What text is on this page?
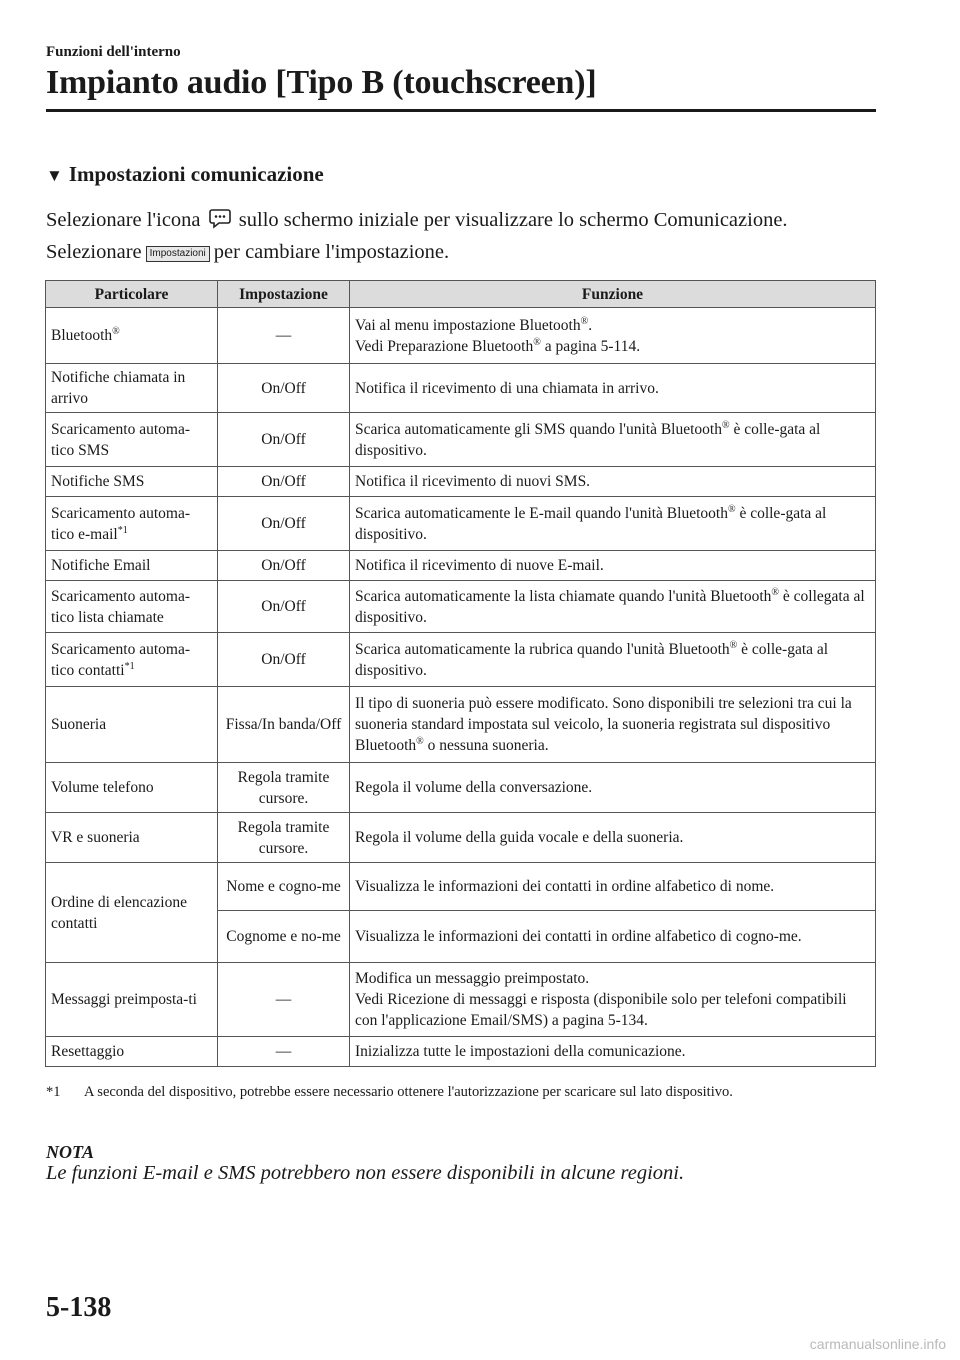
Funzioni dell'interno
Impianto audio [Tipo B (touchscreen)]
▼ Impostazioni comunicazione
Selezionare l'icona sullo schermo iniziale per visualizzare lo schermo Comunicazione.
Selezionare Impostazioni per cambiare l'impostazione.
Particolare	Impostazione	Funzione
Bluetooth®	—	Vai al menu impostazione Bluetooth®.
Vedi Preparazione Bluetooth® a pagina 5-114.
Notifiche chiamata in arrivo	On/Off	Notifica il ricevimento di una chiamata in arrivo.
Scaricamento automa-tico SMS	On/Off	Scarica automaticamente gli SMS quando l'unità Bluetooth® è colle-gata al dispositivo.
Notifiche SMS	On/Off	Notifica il ricevimento di nuovi SMS.
Scaricamento automa-tico e-mail$^{*1}$	On/Off	Scarica automaticamente le E-mail quando l'unità Bluetooth® è colle-gata al dispositivo.
Notifiche Email	On/Off	Notifica il ricevimento di nuove E-mail.
Scaricamento automa-tico lista chiamate	On/Off	Scarica automaticamente la lista chiamate quando l'unità Bluetooth® è collegata al dispositivo.
Scaricamento automa-tico contatti$^{*1}$	On/Off	Scarica automaticamente la rubrica quando l'unità Bluetooth® è colle-gata al dispositivo.
Suoneria	Fissa/In banda/Off	Il tipo di suoneria può essere modificato. Sono disponibili tre selezioni tra cui la suoneria standard impostata sul veicolo, la suoneria registrata sul dispositivo Bluetooth® o nessuna suoneria.
Volume telefono	Regola tramite cursore.	Regola il volume della conversazione.
VR e suoneria	Regola tramite cursore.	Regola il volume della guida vocale e della suoneria.
Ordine di elencazione contatti	Nome e cogno-me	Visualizza le informazioni dei contatti in ordine alfabetico di nome.
	Cognome e no-me	Visualizza le informazioni dei contatti in ordine alfabetico di cogno-me.
Messaggi preimposta-ti	—	Modifica un messaggio preimpostato.
Vedi Ricezione di messaggi e risposta (disponibile solo per telefoni compatibili con l'applicazione Email/SMS) a pagina 5-134.
Resettaggio	—	Inizializza tutte le impostazioni della comunicazione.
*1 A seconda del dispositivo, potrebbe essere necessario ottenere l'autorizzazione per scaricare sul lato dispositivo.
NOTA
Le funzioni E-mail e SMS potrebbero non essere disponibili in alcune regioni.
5-138
carmanualsonline.info
